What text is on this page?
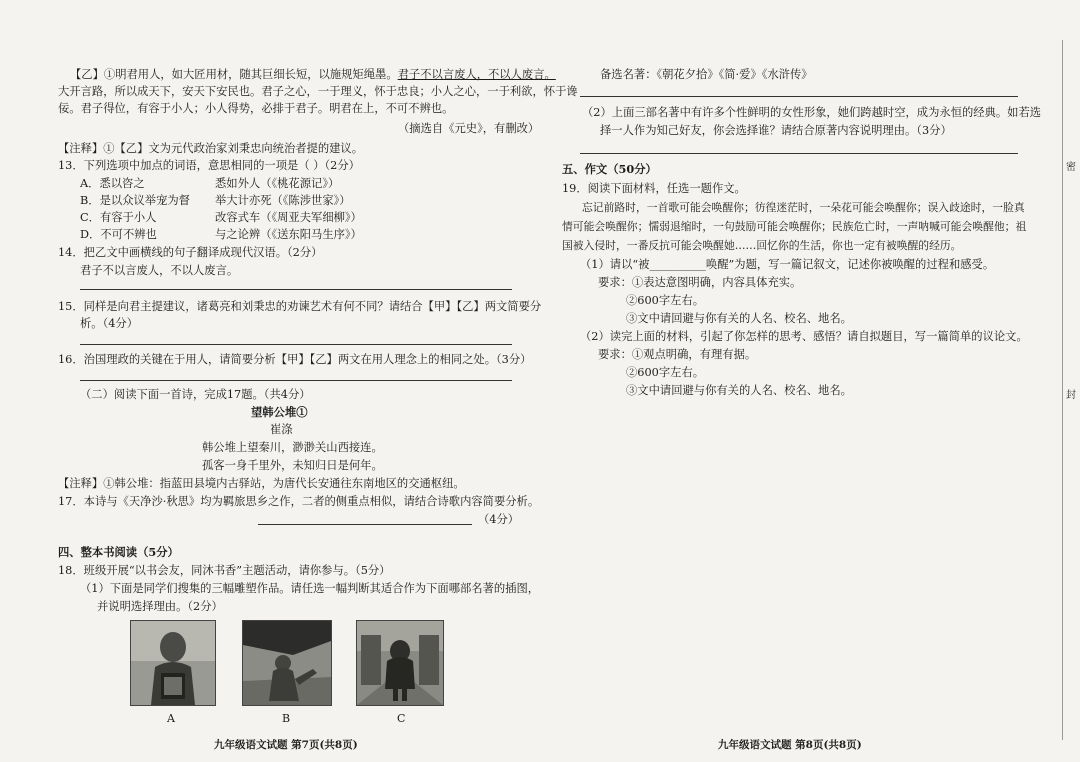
【乙】①明君用人，如大匠用材，随其巨细长短，以施规矩绳墨。君子不以言废人，不以人废言。
大开言路，所以成天下，安天下安民也。君子之心，一于理义，怀于忠良；小人之心，一于利欲，怀于谗
佞。君子得位，有容于小人；小人得势，必排于君子。明君在上，不可不辨也。
（摘选自《元史》，有删改）
【注释】①【乙】文为元代政治家刘秉忠向统治者提的建议。
13．下列选项中加点的词语，意思相同的一项是（ ）（2分）
A．悉以咨之	悉如外人（《桃花源记》）
B．是以众议举宠为督 举大计亦死（《陈涉世家》）
C．有容于小人	改容式车（《周亚夫军细柳》）
D．不可不辨也	与之论辨（《送东阳马生序》）
14．把乙文中画横线的句子翻译成现代汉语。（2分）
君子不以言废人，不以人废言。
15．同样是向君主提建议，诸葛亮和刘秉忠的劝谏艺术有何不同？请结合【甲】【乙】两文简要分
析。（4分）
16．治国理政的关键在于用人，请简要分析【甲】【乙】两文在用人理念上的相同之处。（3分）
（二）阅读下面一首诗，完成17题。（共4分）
望韩公堆①
崔涤
韩公堆上望秦川，渺渺关山西接连。
孤客一身千里外，未知归日是何年。
【注释】①韩公堆：指蓝田县境内古驿站，为唐代长安通往东南地区的交通枢纽。
17．本诗与《天净沙·秋思》均为羁旅思乡之作，二者的侧重点相似，请结合诗歌内容简要分析。
（4分）
四、整本书阅读（5分）
18．班级开展“以书会友，同沐书香”主题活动，请你参与。（5分）
（1）下面是同学们搜集的三幅雕塑作品。请任选一幅判断其适合作为下面哪部名著的插图，
并说明选择理由。（2分）
A	B	C
九年级语文试题 第7页(共8页)
备选名著：《朝花夕拾》《简·爱》《水浒传》
（2）上面三部名著中有许多个性鲜明的女性形象，她们跨越时空，成为永恒的经典。如若选
择一人作为知己好友，你会选择谁？请结合原著内容说明理由。（3分）
五、作文（50分）
19．阅读下面材料，任选一题作文。
忘记前路时，一首歌可能会唤醒你；彷徨迷茫时，一朵花可能会唤醒你；误入歧途时，一脸真
情可能会唤醒你；懦弱退缩时，一句鼓励可能会唤醒你；民族危亡时，一声呐喊可能会唤醒他；祖
国被入侵时，一番反抗可能会唤醒她……回忆你的生活，你也一定有被唤醒的经历。
（1）请以“被__________唤醒”为题，写一篇记叙文，记述你被唤醒的过程和感受。
要求：①表达意图明确，内容具体充实。
②600字左右。
③文中请回避与你有关的人名、校名、地名。
（2）读完上面的材料，引起了你怎样的思考、感悟？请自拟题目，写一篇简单的议论文。
要求：①观点明确，有理有据。
②600字左右。
③文中请回避与你有关的人名、校名、地名。
九年级语文试题 第8页(共8页)
密
封
